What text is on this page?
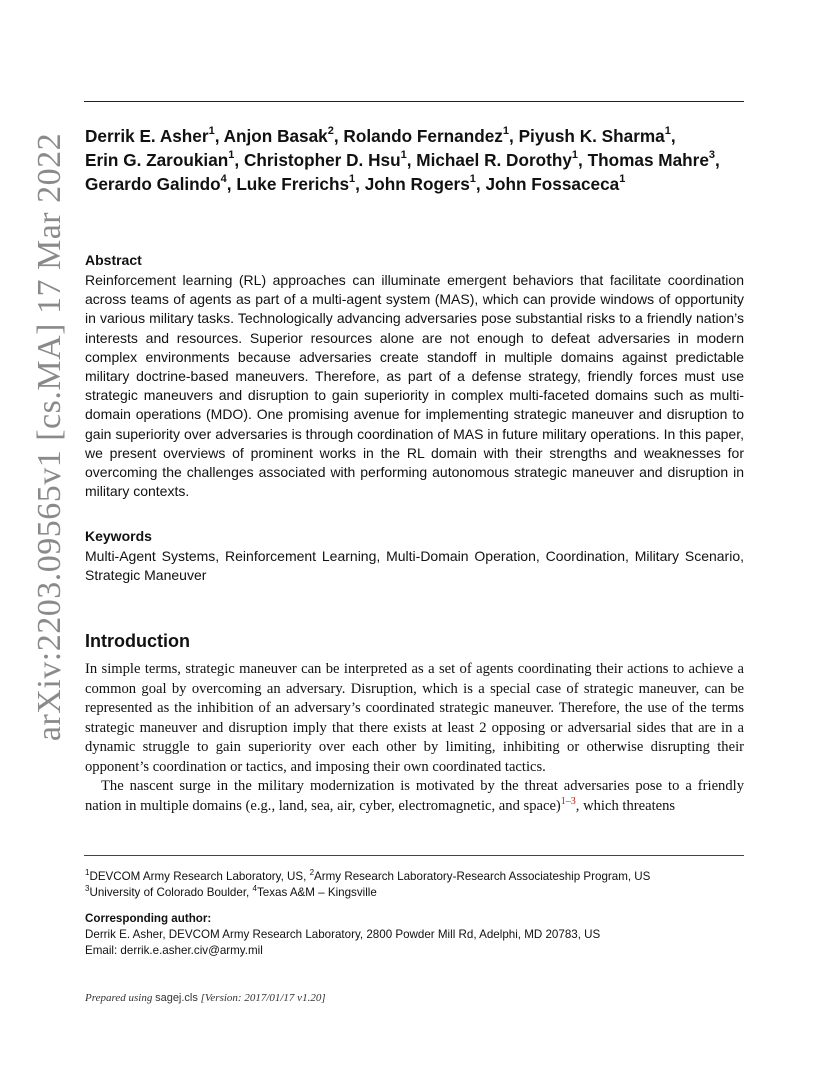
arXiv:2203.09565v1 [cs.MA] 17 Mar 2022 Derrik E. Asher$^1$, Anjon Basak$^2$, Rolando Fernandez$^1$, Piyush K. Sharma$^1$,
Erin G. Zaroukian$^1$, Christopher D. Hsu$^1$, Michael R. Dorothy$^1$, Thomas Mahre$^3$, Gerardo Galindo$^4$, Luke Frerichs$^1$, John Rogers$^1$, John Fossaceca$^1$
Abstract
Reinforcement learning (RL) approaches can illuminate emergent behaviors that facilitate coordination across teams of agents as part of a multi-agent system (MAS), which can provide windows of opportunity in various military tasks. Technologically advancing adversaries pose substantial risks to a friendly nation’s interests and resources. Superior resources alone are not enough to defeat adversaries in modern complex environments because adversaries create standoff in multiple domains against predictable military doctrine-based maneuvers. Therefore, as part of a defense strategy, friendly forces must use strategic maneuvers and disruption to gain superiority in complex multi-faceted domains such as multi-domain operations (MDO). One promising avenue for implementing strategic maneuver and disruption to gain superiority over adversaries is through coordination of MAS in future military operations. In this paper, we present overviews of prominent works in the RL domain with their strengths and weaknesses for overcoming the challenges associated with performing autonomous strategic maneuver and disruption in military contexts.
Keywords
Multi-Agent Systems, Reinforcement Learning, Multi-Domain Operation, Coordination, Military Scenario, Strategic Maneuver
Introduction

In simple terms, strategic maneuver can be interpreted as a set of agents coordinating their actions to achieve a common goal by overcoming an adversary. Disruption, which is a special case of strategic maneuver, can be represented as the inhibition of an adversary’s coordinated strategic maneuver. Therefore, the use of the terms strategic maneuver and disruption imply that there exists at least 2 opposing or adversarial sides that are in a dynamic struggle to gain superiority over each other by limiting, inhibiting or otherwise disrupting their opponent’s coordination or tactics, and imposing their own coordinated tactics.

The nascent surge in the military modernization is motivated by the threat adversaries pose to a friendly nation in multiple domains (e.g., land, sea, air, cyber, electromagnetic, and space)$^{1-3}$, which threatens

$^1$DEVCOM Army Research Laboratory, US, $^2$Army Research Laboratory-Research Associateship Program, US
$^3$University of Colorado Boulder, $^4$Texas A&M – Kingsville
Corresponding author:
Derrik E. Asher, DEVCOM Army Research Laboratory, 2800 Powder Mill Rd, Adelphi, MD 20783, US
Email: derrik.e.asher.civ@army.mil
Prepared using sagej.cls [Version: 2017/01/17 v1.20]
